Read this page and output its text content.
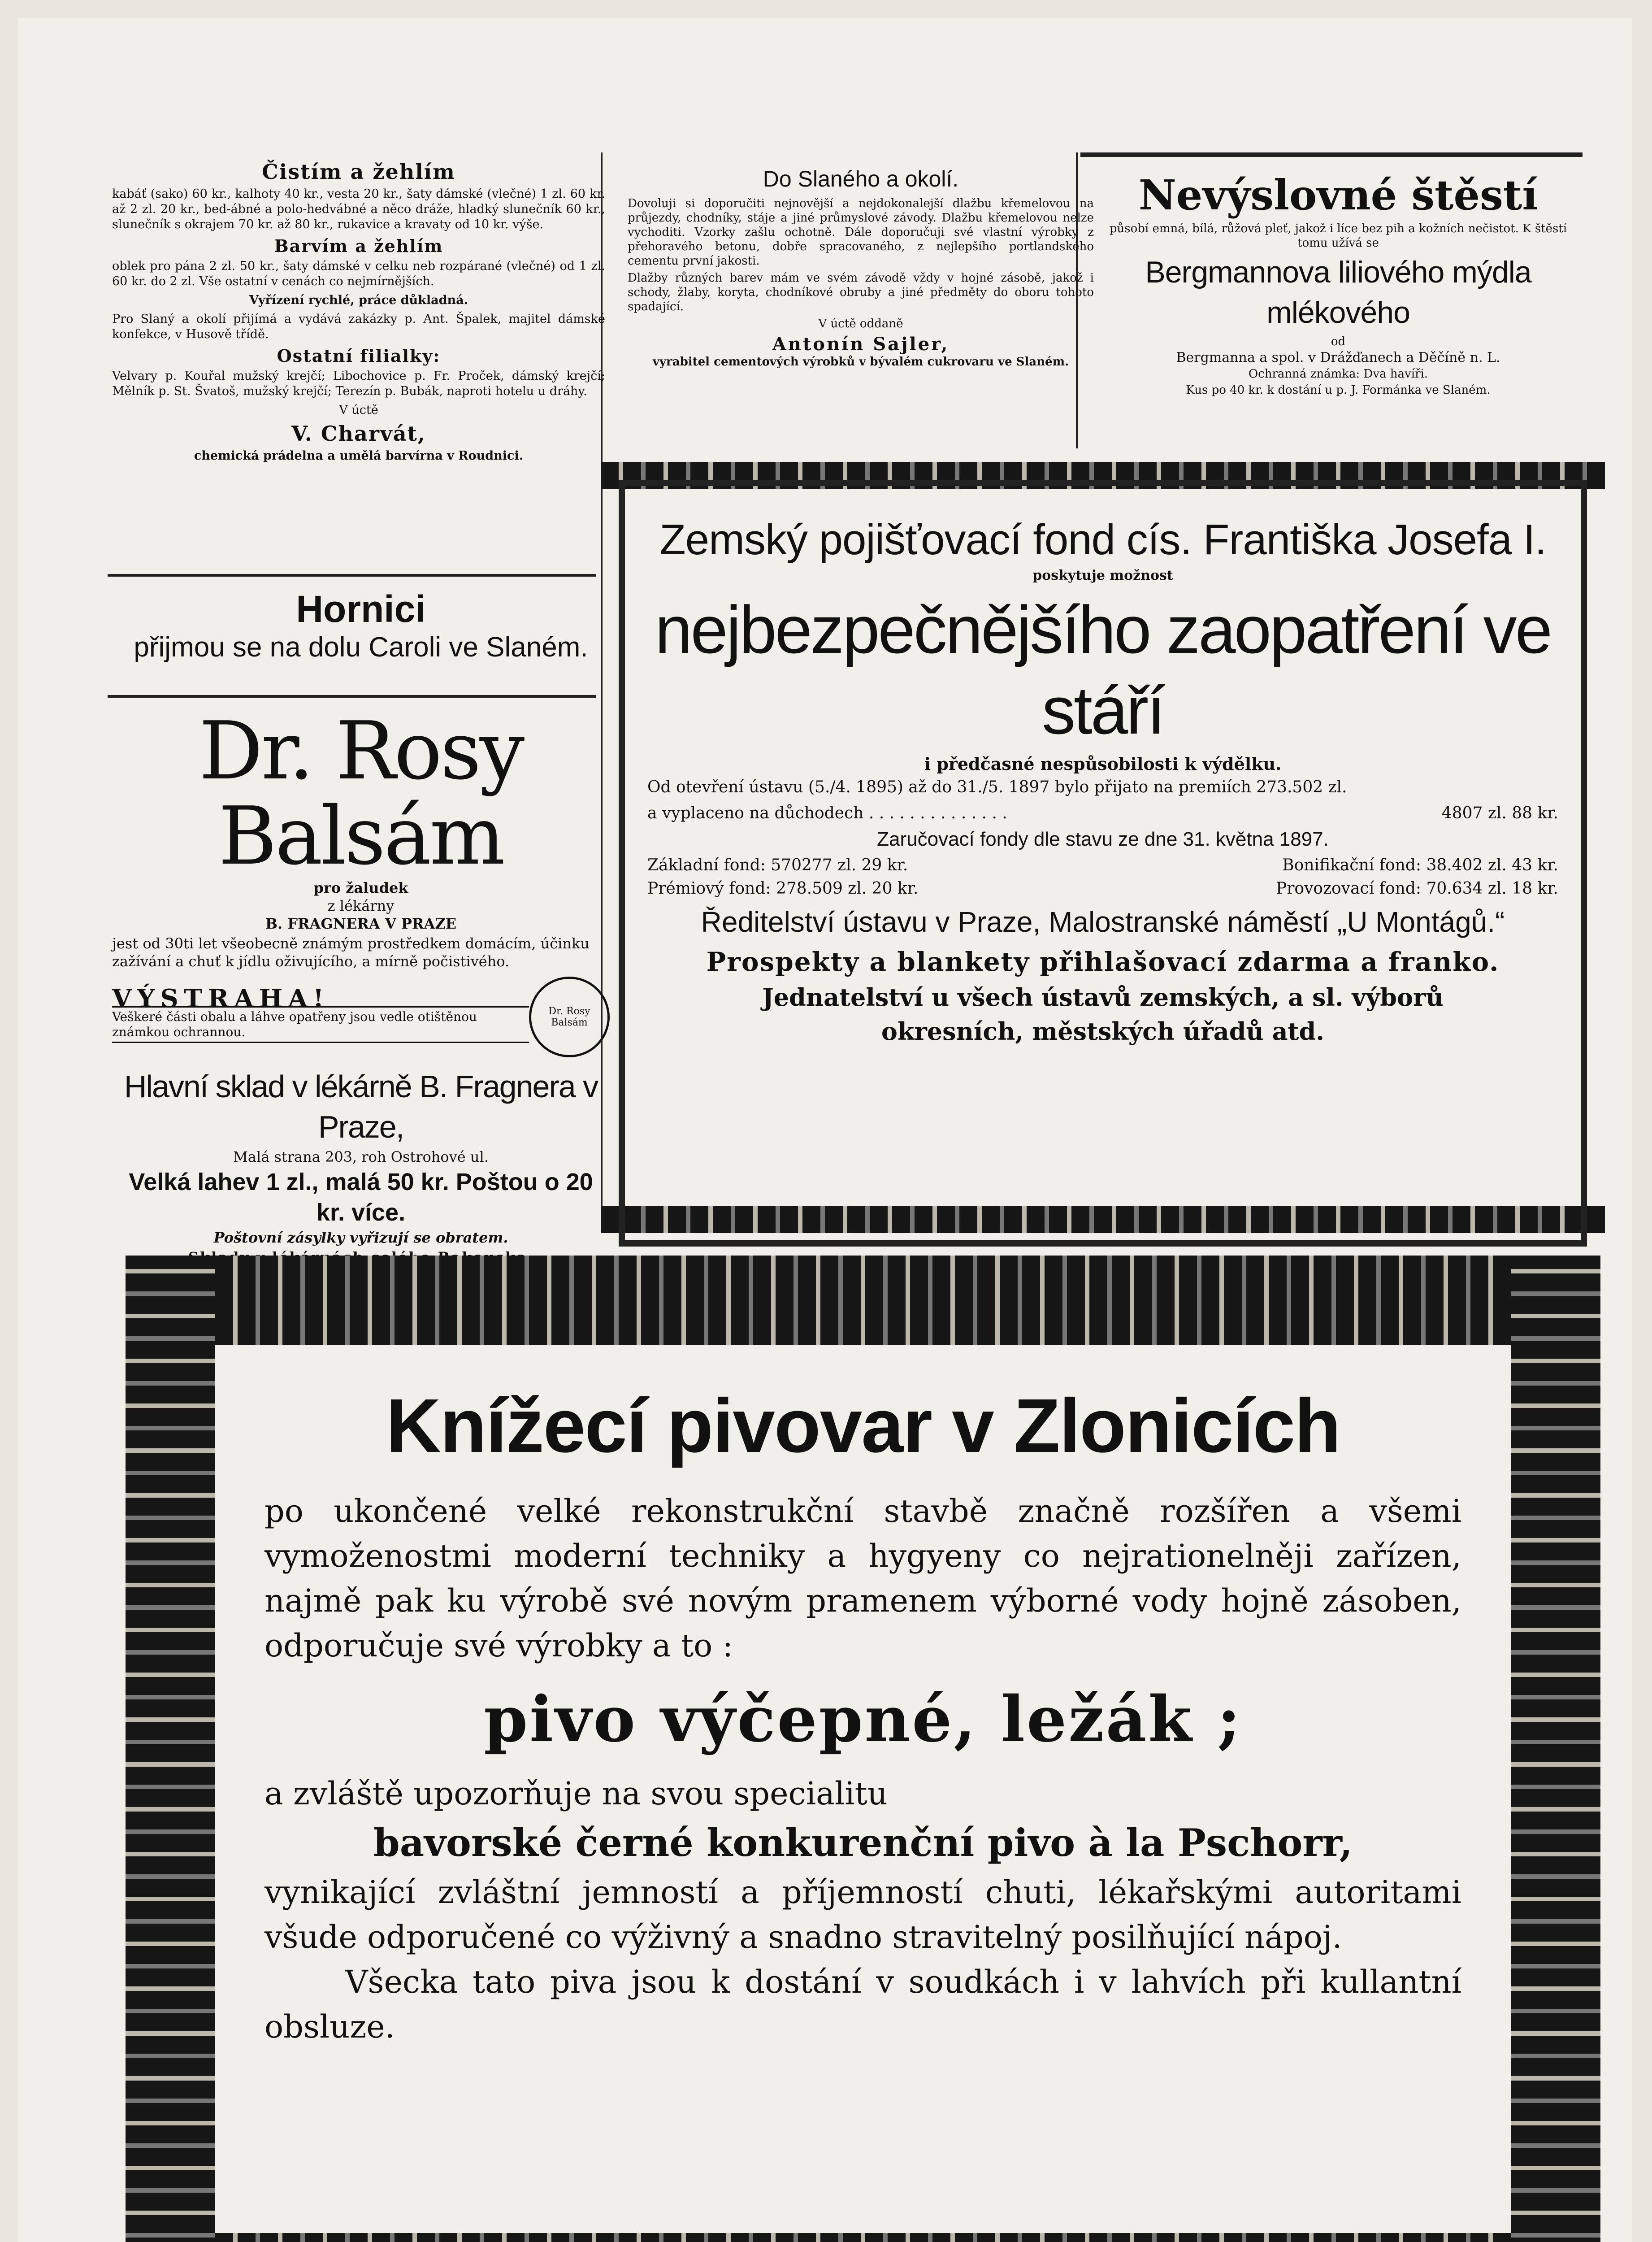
Čistím a žehlím

kabáť (sako) 60 kr., kalhoty 40 kr., vesta 20 kr., šaty dámské (vlečné) 1 zl. 60 kr. až 2 zl. 20 kr., bed-ábné a polo-hedvábné a něco dráže, hladký slunečník 60 kr., slunečník s okrajem 70 kr. až 80 kr., rukavice a kravaty od 10 kr. výše.

Barvím a žehlím

oblek pro pána 2 zl. 50 kr., šaty dámské v celku neb rozpárané (vlečné) od 1 zl. 60 kr. do 2 zl. Vše ostatní v cenách co nejmírnějších.

Vyřízení rychlé, práce důkladná.

Pro Slaný a okolí přijímá a vydává zakázky p. Ant. Špalek, majitel dámské konfekce, v Husově třídě.

Ostatní filialky:

Velvary p. Kouřal mužský krejčí; Libochovice p. Fr. Proček, dámský krejčí; Mělník p. St. Švatoš, mužský krejčí; Terezín p. Bubák, naproti hotelu u dráhy.

V úctě

V. Charvát,

chemická prádelna a umělá barvírna v Roudnici.

Hornici
přijmou se na dolu Caroli ve Slaném.
Dr. Rosy Balsám
pro žaludek
z lékárny
B. FRAGNERA V PRAZE

jest od 30ti let všeobecně známým prostředkem domácím, účinku zažívání a chuť k jídlu oživujícího, a mírně počistivého.

VÝSTRAHA!
Veškeré části obalu a láhve opatřeny jsou vedle otištěnou známkou ochrannou.
Dr. Rosy Balsám
Hlavní sklad v lékárně B. Fragnera v Praze,
Malá strana 203, roh Ostrohové ul.
Velká lahev 1 zl., malá 50 kr. Poštou o 20 kr. více.
Poštovní zásylky vyřizují se obratem.
Do Slaného a okolí.

Dovoluji si doporučiti nejnovější a nejdokonalejší dlažbu křemelovou na průjezdy, chodníky, stáje a jiné průmyslové závody. Dlažbu křemelovou nelze vychoditi. Vzorky zašlu ochotně. Dále doporučuji své vlastní výrobky z přehoravého betonu, dobře spracovaného, z nejlepšího portlandského cementu první jakosti.

Dlažby různých barev mám ve svém závodě vždy v hojné zásobě, jakož i schody, žlaby, koryta, chodníkové obruby a jiné předměty do oboru tohoto spadající.

V úctě oddaně

Antonín Sajler,

vyrabitel cementových výrobků v bývalém cukrovaru ve Slaném.

Nevýslovné štěstí

působí emná, bílá, růžová pleť, jakož i líce bez pih a kožních nečistot. K štěstí tomu užívá se

Bergmannova liliového mýdla mlékového

od

Bergmanna a spol. v Drážďanech a Děčíně n. L.

Ochranná známka: Dva havíři.

Kus po 40 kr. k dostání u p. J. Formánka ve Slaném.

Zemský pojišťovací fond cís. Františka Josefa I.
poskytuje možnost
nejbezpečnějšího zaopatření ve stáří
i předčasné nespůsobilosti k výdělku.

Od otevření ústavu (5./4. 1895) až do 31./5. 1897 bylo přijato na premiích 273.502 zl.

a vyplaceno na důchodech . . . . . . . . . . . . . .	4807 zl. 88 kr.

Zaručovací fondy dle stavu ze dne 31. května 1897.

Základní fond: 570277 zl. 29 kr.	Bonifikační fond: 38.402 zl. 43 kr.
Prémiový fond: 278.509 zl. 20 kr.	Provozovací fond: 70.634 zl. 18 kr.
Ředitelství ústavu v Praze, Malostranské náměstí „U Montágů.“
Prospekty a blankety přihlašovací zdarma a franko.
Jednatelství u všech ústavů zemských, a sl. výborů
okresních, městských úřadů atd.
Knížecí pivovar v Zlonicích

po ukončené velké rekonstrukční stavbě značně rozšířen a všemi vymoženostmi moderní techniky a hygyeny co nejrationelněji zařízen, najmě pak ku výrobě své novým pramenem výborné vody hojně zásoben, odporučuje své výrobky a to :

pivo výčepné, ležák ;

a zvláště upozorňuje na svou specialitu

bavorské černé konkurenční pivo à la Pschorr,

vynikající zvláštní jemností a příjemností chuti, lékařskými autoritami všude odporučené co výživný a snadno stravitelný posilňující nápoj.

Všecka tato piva jsou k dostání v soudkách i v lahvích při kullantní obsluze.
